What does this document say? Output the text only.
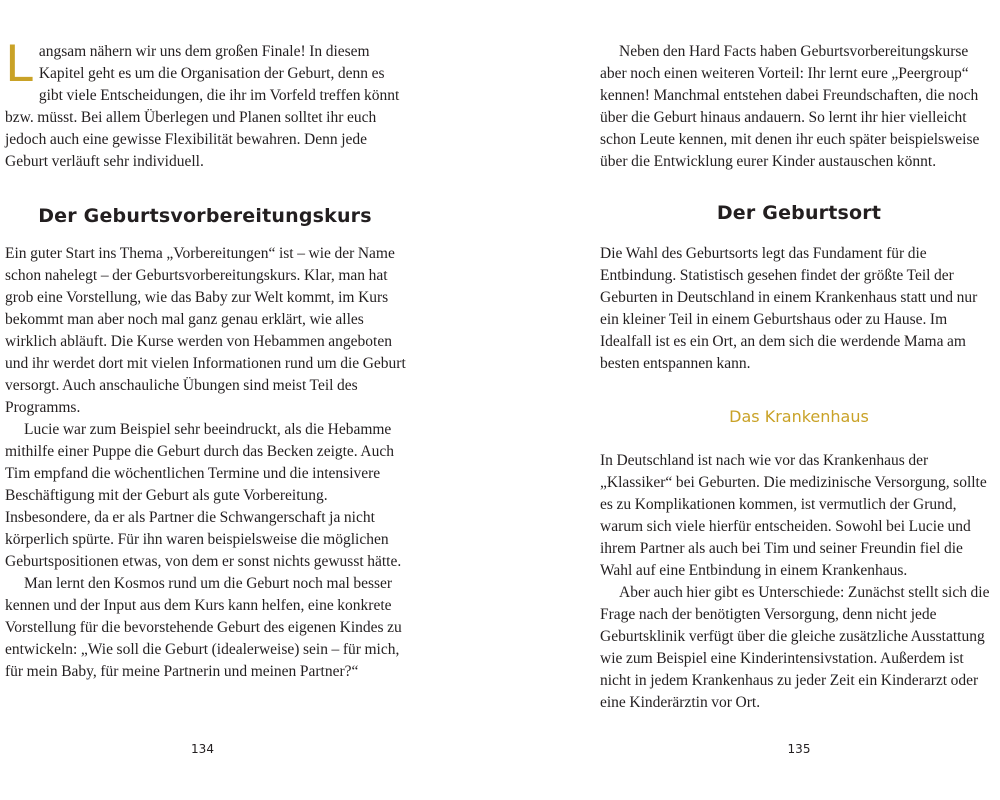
L angsam nähern wir uns dem großen Finale! In diesem Kapitel geht es um die Organisation der Geburt, denn es gibt viele Entscheidungen, die ihr im Vorfeld treffen könnt bzw. müsst. Bei allem Überlegen und Planen solltet ihr euch jedoch auch eine gewisse Flexibilität bewahren. Denn jede Geburt verläuft sehr individuell.

Der Geburtsvorbereitungskurs

Ein guter Start ins Thema „Vorbereitungen“ ist – wie der Name schon nahelegt – der Geburtsvorbereitungskurs. Klar, man hat grob eine Vorstellung, wie das Baby zur Welt kommt, im Kurs bekommt man aber noch mal ganz genau erklärt, wie alles wirklich abläuft. Die Kurse werden von Hebammen angeboten und ihr werdet dort mit vielen Informationen rund um die Geburt versorgt. Auch anschauliche Übungen sind meist Teil des Programms.

Lucie war zum Beispiel sehr beeindruckt, als die Hebamme mithilfe einer Puppe die Geburt durch das Becken zeigte. Auch Tim empfand die wöchentlichen Termine und die intensivere Beschäftigung mit der Geburt als gute Vorbereitung. Insbesondere, da er als Partner die Schwangerschaft ja nicht körperlich spürte. Für ihn waren beispielsweise die möglichen Geburtspositionen etwas, von dem er sonst nichts gewusst hätte.

Man lernt den Kosmos rund um die Geburt noch mal besser kennen und der Input aus dem Kurs kann helfen, eine konkrete Vorstellung für die bevorstehende Geburt des eigenen Kindes zu entwickeln: „Wie soll die Geburt (idealerweise) sein – für mich, für mein Baby, für meine Partnerin und meinen Partner?“

134

Neben den Hard Facts haben Geburtsvorbereitungskurse aber noch einen weiteren Vorteil: Ihr lernt eure „Peergroup“ kennen! Manchmal entstehen dabei Freundschaften, die noch über die Geburt hinaus andauern. So lernt ihr hier vielleicht schon Leute kennen, mit denen ihr euch später beispielsweise über die Entwicklung eurer Kinder austauschen könnt.

Der Geburtsort

Die Wahl des Geburtsorts legt das Fundament für die Entbindung. Statistisch gesehen findet der größte Teil der Geburten in Deutschland in einem Krankenhaus statt und nur ein kleiner Teil in einem Geburtshaus oder zu Hause. Im Idealfall ist es ein Ort, an dem sich die werdende Mama am besten entspannen kann.

Das Krankenhaus

In Deutschland ist nach wie vor das Krankenhaus der „Klassiker“ bei Geburten. Die medizinische Versorgung, sollte es zu Komplikationen kommen, ist vermutlich der Grund, warum sich viele hierfür entscheiden. Sowohl bei Lucie und ihrem Partner als auch bei Tim und seiner Freundin fiel die Wahl auf eine Entbindung in einem Krankenhaus.

Aber auch hier gibt es Unterschiede: Zunächst stellt sich die Frage nach der benötigten Versorgung, denn nicht jede Geburtsklinik verfügt über die gleiche zusätzliche Ausstattung wie zum Beispiel eine Kinderintensivstation. Außerdem ist nicht in jedem Krankenhaus zu jeder Zeit ein Kinderarzt oder eine Kinderärztin vor Ort.

135
